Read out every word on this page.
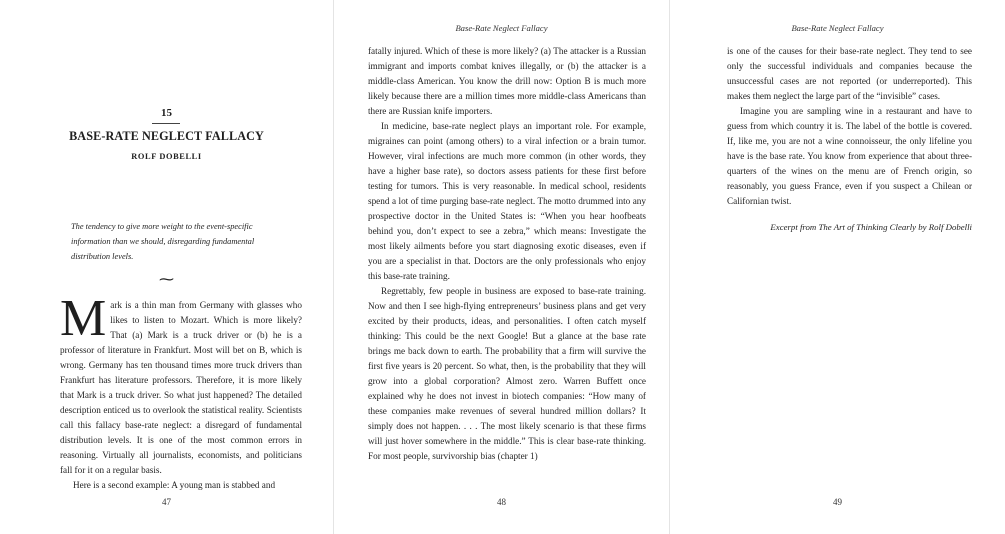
15
BASE-RATE NEGLECT FALLACY
ROLF DOBELLI
The tendency to give more weight to the event-specific information than we should, disregarding fundamental distribution levels.
⁓

Mark is a thin man from Germany with glasses who likes to listen to Mozart. Which is more likely? That (a) Mark is a truck driver or (b) he is a professor of literature in Frankfurt. Most will bet on B, which is wrong. Germany has ten thousand times more truck drivers than Frankfurt has literature professors. Therefore, it is more likely that Mark is a truck driver. So what just happened? The detailed description enticed us to overlook the statistical reality. Scientists call this fallacy base-rate neglect: a disregard of fundamental distribution levels. It is one of the most common errors in reasoning. Virtually all journalists, economists, and politicians fall for it on a regular basis.

Here is a second example: A young man is stabbed and

47
Base-Rate Neglect Fallacy

fatally injured. Which of these is more likely? (a) The attacker is a Russian immigrant and imports combat knives illegally, or (b) the attacker is a middle-class American. You know the drill now: Option B is much more likely because there are a million times more middle-class Americans than there are Russian knife importers.

In medicine, base-rate neglect plays an important role. For example, migraines can point (among others) to a viral infection or a brain tumor. However, viral infections are much more common (in other words, they have a higher base rate), so doctors assess patients for these first before testing for tumors. This is very reasonable. In medical school, residents spend a lot of time purging base-rate neglect. The motto drummed into any prospective doctor in the United States is: “When you hear hoofbeats behind you, don’t expect to see a zebra,” which means: Investigate the most likely ailments before you start diagnosing exotic diseases, even if you are a specialist in that. Doctors are the only professionals who enjoy this base-rate training.

Regrettably, few people in business are exposed to base-rate training. Now and then I see high-flying entrepreneurs’ business plans and get very excited by their products, ideas, and personalities. I often catch myself thinking: This could be the next Google! But a glance at the base rate brings me back down to earth. The probability that a firm will survive the first five years is 20 percent. So what, then, is the probability that they will grow into a global corporation? Almost zero. Warren Buffett once explained why he does not invest in biotech companies: “How many of these companies make revenues of several hundred million dollars? It simply does not happen. . . . The most likely scenario is that these firms will just hover somewhere in the middle.” This is clear base-rate thinking. For most people, survivorship bias (chapter 1)

48
Base-Rate Neglect Fallacy

is one of the causes for their base-rate neglect. They tend to see only the successful individuals and companies because the unsuccessful cases are not reported (or underreported). This makes them neglect the large part of the “invisible” cases.

Imagine you are sampling wine in a restaurant and have to guess from which country it is. The label of the bottle is covered. If, like me, you are not a wine connoisseur, the only lifeline you have is the base rate. You know from experience that about three-quarters of the wines on the menu are of French origin, so reasonably, you guess France, even if you suspect a Chilean or Californian twist.

Excerpt from The Art of Thinking Clearly by Rolf Dobelli
49
